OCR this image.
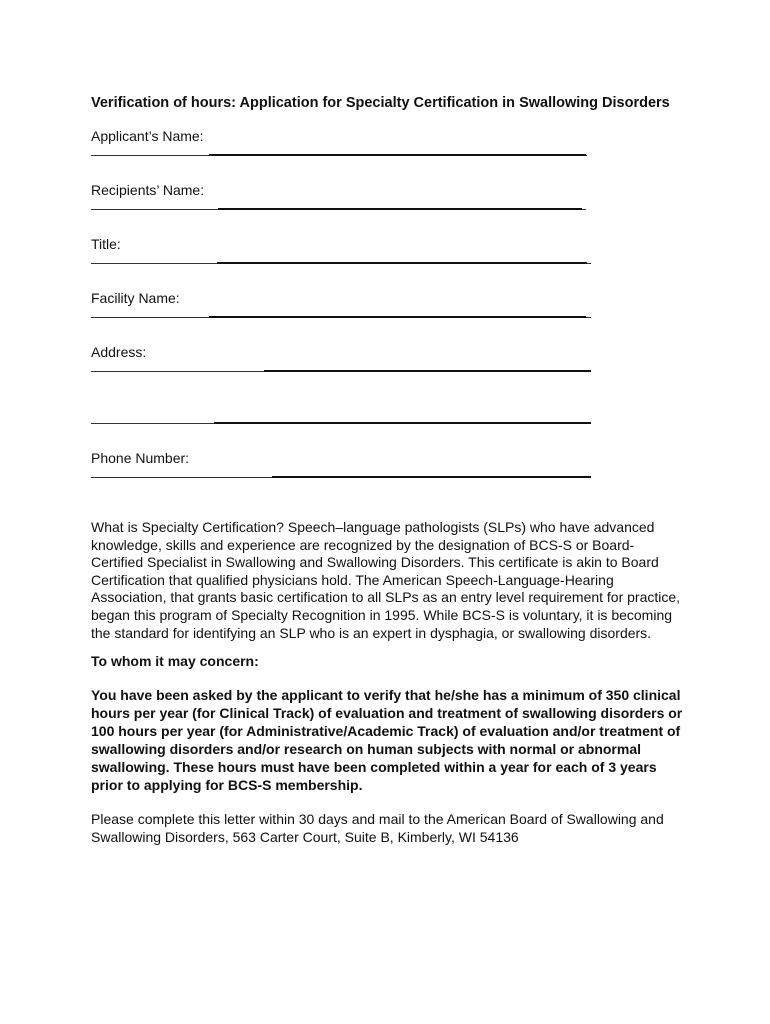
Verification of hours: Application for Specialty Certification in Swallowing Disorders
Applicant’s Name:
Recipients’ Name:
Title:
Facility Name:
Address:
Phone Number:

What is Specialty Certification? Speech–language pathologists (SLPs) who have advanced knowledge, skills and experience are recognized by the designation of BCS-S or Board-Certified Specialist in Swallowing and Swallowing Disorders. This certificate is akin to Board Certification that qualified physicians hold. The American Speech-Language-Hearing Association, that grants basic certification to all SLPs as an entry level requirement for practice, began this program of Specialty Recognition in 1995. While BCS-S is voluntary, it is becoming the standard for identifying an SLP who is an expert in dysphagia, or swallowing disorders.

To whom it may concern:

You have been asked by the applicant to verify that he/she has a minimum of 350 clinical hours per year (for Clinical Track) of evaluation and treatment of swallowing disorders or 100 hours per year (for Administrative/Academic Track) of evaluation and/or treatment of swallowing disorders and/or research on human subjects with normal or abnormal swallowing. These hours must have been completed within a year for each of 3 years prior to applying for BCS-S membership.

Please complete this letter within 30 days and mail to the American Board of Swallowing and Swallowing Disorders, 563 Carter Court, Suite B, Kimberly, WI 54136
